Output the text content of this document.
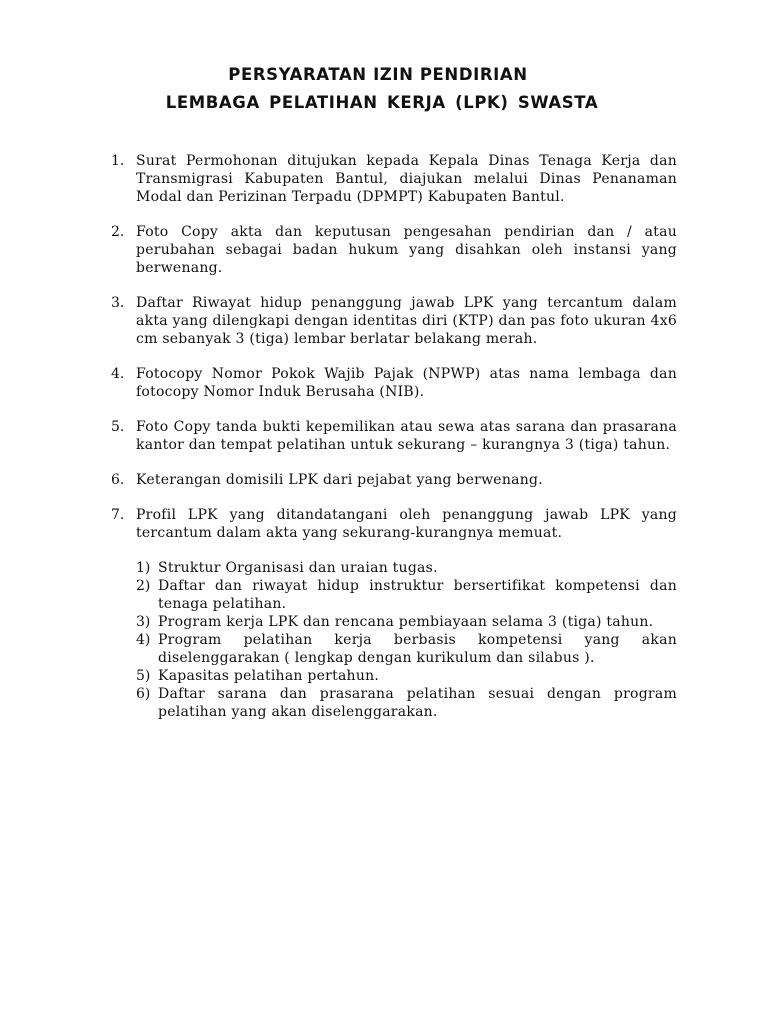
PERSYARATAN IZIN PENDIRIAN
LEMBAGA PELATIHAN KERJA (LPK) SWASTA
1. Surat Permohonan ditujukan kepada Kepala Dinas Tenaga Kerja dan Transmigrasi Kabupaten Bantul, diajukan melalui Dinas Penanaman Modal dan Perizinan Terpadu (DPMPT) Kabupaten Bantul.
2. Foto Copy akta dan keputusan pengesahan pendirian dan / atau perubahan sebagai badan hukum yang disahkan oleh instansi yang berwenang.
3. Daftar Riwayat hidup penanggung jawab LPK yang tercantum dalam akta yang dilengkapi dengan identitas diri (KTP) dan pas foto ukuran 4x6 cm sebanyak 3 (tiga) lembar berlatar belakang merah.
4. Fotocopy Nomor Pokok Wajib Pajak (NPWP) atas nama lembaga dan fotocopy Nomor Induk Berusaha (NIB).
5. Foto Copy tanda bukti kepemilikan atau sewa atas sarana dan prasarana kantor dan tempat pelatihan untuk sekurang – kurangnya 3 (tiga) tahun.
6. Keterangan domisili LPK dari pejabat yang berwenang.
7. Profil LPK yang ditandatangani oleh penanggung jawab LPK yang tercantum dalam akta yang sekurang-kurangnya memuat.
1) Struktur Organisasi dan uraian tugas.
2) Daftar dan riwayat hidup instruktur bersertifikat kompetensi dan tenaga pelatihan.
3) Program kerja LPK dan rencana pembiayaan selama 3 (tiga) tahun.
4) Program pelatihan kerja berbasis kompetensi yang akan diselenggarakan ( lengkap dengan kurikulum dan silabus ).
5) Kapasitas pelatihan pertahun.
6) Daftar sarana dan prasarana pelatihan sesuai dengan program pelatihan yang akan diselenggarakan.
